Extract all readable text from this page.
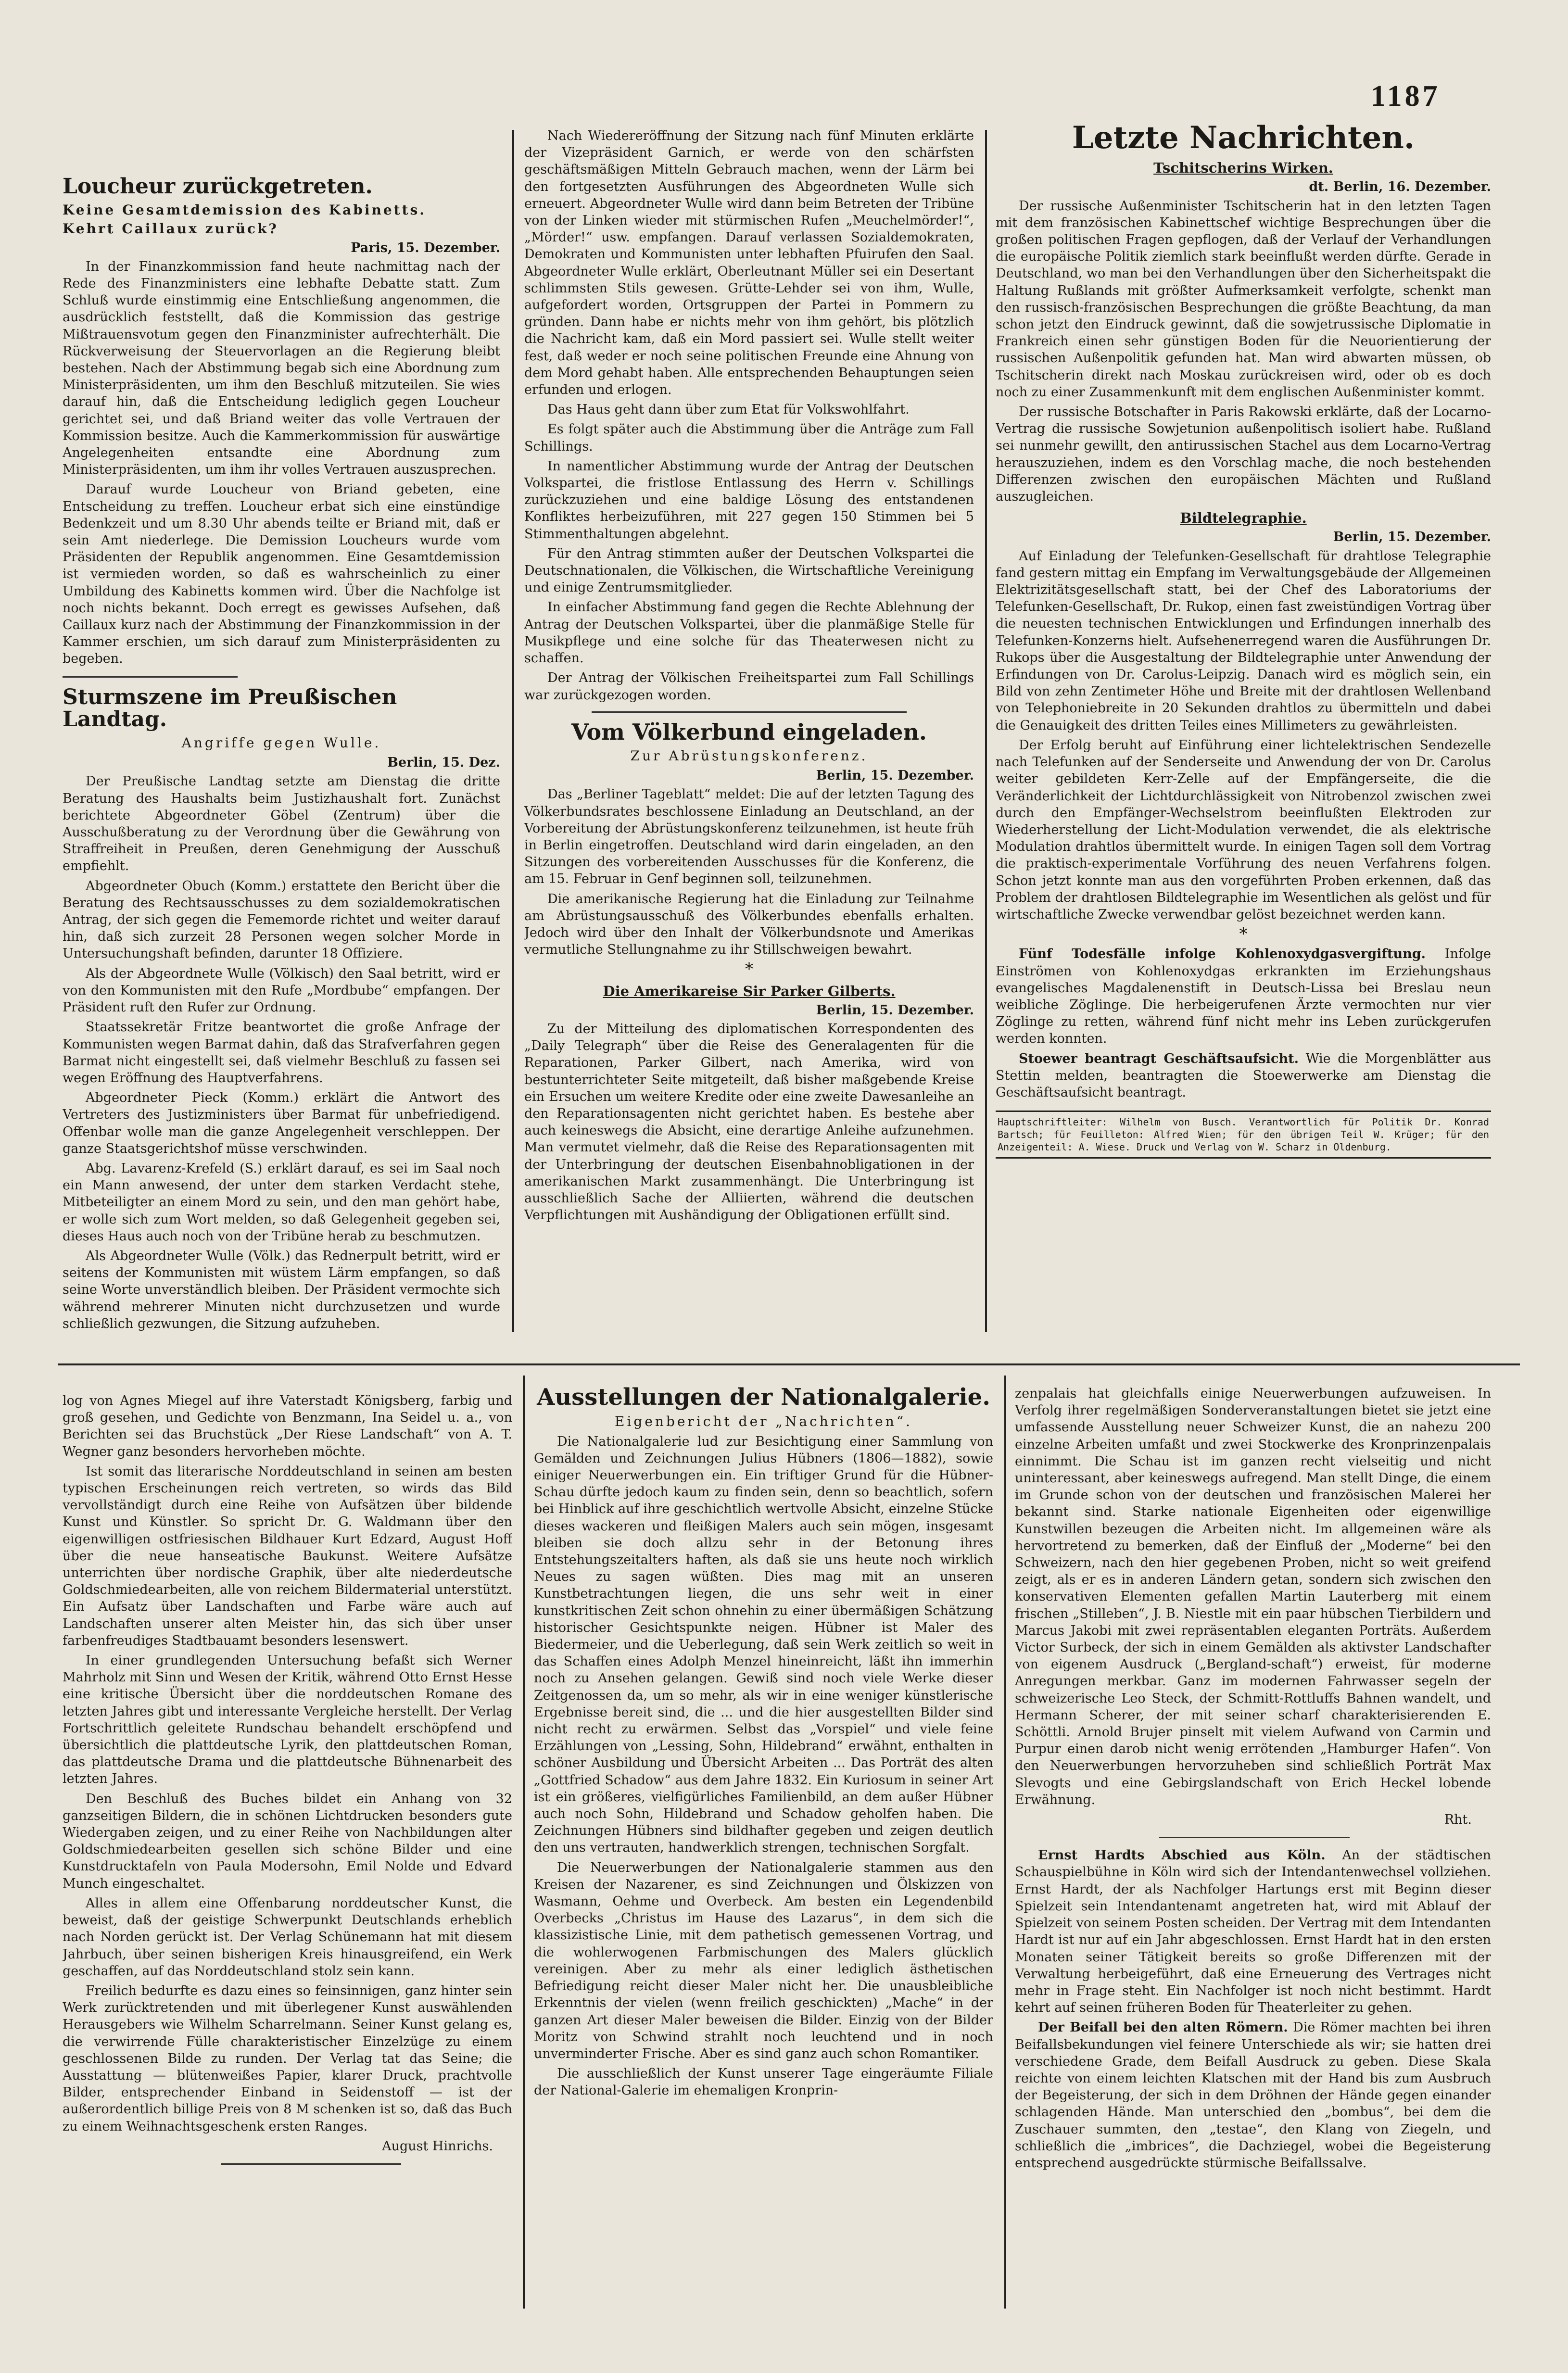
1187
Loucheur zurückgetreten.
Keine Gesamtdemission des Kabinetts.
Kehrt Caillaux zurück?
Paris, 15. Dezember.

In der Finanzkommission fand heute nachmittag nach der Rede des Finanzministers eine lebhafte Debatte statt. Zum Schluß wurde einstimmig eine Entschließung angenommen, die ausdrücklich feststellt, daß die Kommission das gestrige Mißtrauensvotum gegen den Finanzminister aufrechterhält. Die Rückverweisung der Steuervorlagen an die Regierung bleibt bestehen. Nach der Abstimmung begab sich eine Abordnung zum Ministerpräsidenten, um ihm den Beschluß mitzuteilen. Sie wies darauf hin, daß die Entscheidung lediglich gegen Loucheur gerichtet sei, und daß Briand weiter das volle Vertrauen der Kommission besitze. Auch die Kammerkommission für auswärtige Angelegenheiten entsandte eine Abordnung zum Ministerpräsidenten, um ihm ihr volles Vertrauen auszusprechen.

Darauf wurde Loucheur von Briand gebeten, eine Entscheidung zu treffen. Loucheur erbat sich eine einstündige Bedenkzeit und um 8.30 Uhr abends teilte er Briand mit, daß er sein Amt niederlege. Die Demission Loucheurs wurde vom Präsidenten der Republik angenommen. Eine Gesamtdemission ist vermieden worden, so daß es wahrscheinlich zu einer Umbildung des Kabinetts kommen wird. Über die Nachfolge ist noch nichts bekannt. Doch erregt es gewisses Aufsehen, daß Caillaux kurz nach der Abstimmung der Finanzkommission in der Kammer erschien, um sich darauf zum Ministerpräsidenten zu begeben.

Sturmszene im Preußischen Landtag.
Angriffe gegen Wulle.
Berlin, 15. Dez.

Der Preußische Landtag setzte am Dienstag die dritte Beratung des Haushalts beim Justizhaushalt fort. Zunächst berichtete Abgeordneter Göbel (Zentrum) über die Ausschußberatung zu der Verordnung über die Gewährung von Straffreiheit in Preußen, deren Genehmigung der Ausschuß empfiehlt.

Abgeordneter Obuch (Komm.) erstattete den Bericht über die Beratung des Rechtsausschusses zu dem sozialdemokratischen Antrag, der sich gegen die Fememorde richtet und weiter darauf hin, daß sich zurzeit 28 Personen wegen solcher Morde in Untersuchungshaft befinden, darunter 18 Offiziere.

Als der Abgeordnete Wulle (Völkisch) den Saal betritt, wird er von den Kommunisten mit den Rufe „Mordbube“ empfangen. Der Präsident ruft den Rufer zur Ordnung.

Staatssekretär Fritze beantwortet die große Anfrage der Kommunisten wegen Barmat dahin, daß das Strafverfahren gegen Barmat nicht eingestellt sei, daß vielmehr Beschluß zu fassen sei wegen Eröffnung des Hauptverfahrens.

Abgeordneter Pieck (Komm.) erklärt die Antwort des Vertreters des Justizministers über Barmat für unbefriedigend. Offenbar wolle man die ganze Angelegenheit verschleppen. Der ganze Staatsgerichtshof müsse verschwinden.

Abg. Lavarenz-Krefeld (S.) erklärt darauf, es sei im Saal noch ein Mann anwesend, der unter dem starken Verdacht stehe, Mitbeteiligter an einem Mord zu sein, und den man gehört habe, er wolle sich zum Wort melden, so daß Gelegenheit gegeben sei, dieses Haus auch noch von der Tribüne herab zu beschmutzen.

Als Abgeordneter Wulle (Völk.) das Rednerpult betritt, wird er seitens der Kommunisten mit wüstem Lärm empfangen, so daß seine Worte unverständlich bleiben. Der Präsident vermochte sich während mehrerer Minuten nicht durchzusetzen und wurde schließlich gezwungen, die Sitzung aufzuheben.

Nach Wiedereröffnung der Sitzung nach fünf Minuten erklärte der Vizepräsident Garnich, er werde von den schärfsten geschäftsmäßigen Mitteln Gebrauch machen, wenn der Lärm bei den fortgesetzten Ausführungen des Abgeordneten Wulle sich erneuert. Abgeordneter Wulle wird dann beim Betreten der Tribüne von der Linken wieder mit stürmischen Rufen „Meuchelmörder!“, „Mörder!“ usw. empfangen. Darauf verlassen Sozialdemokraten, Demokraten und Kommunisten unter lebhaften Pfuirufen den Saal. Abgeordneter Wulle erklärt, Oberleutnant Müller sei ein Desertant schlimmsten Stils gewesen. Grütte-Lehder sei von ihm, Wulle, aufgefordert worden, Ortsgruppen der Partei in Pommern zu gründen. Dann habe er nichts mehr von ihm gehört, bis plötzlich die Nachricht kam, daß ein Mord passiert sei. Wulle stellt weiter fest, daß weder er noch seine politischen Freunde eine Ahnung von dem Mord gehabt haben. Alle entsprechenden Behauptungen seien erfunden und erlogen.

Das Haus geht dann über zum Etat für Volkswohlfahrt.

Es folgt später auch die Abstimmung über die Anträge zum Fall Schillings.

In namentlicher Abstimmung wurde der Antrag der Deutschen Volkspartei, die fristlose Entlassung des Herrn v. Schillings zurückzuziehen und eine baldige Lösung des entstandenen Konfliktes herbeizuführen, mit 227 gegen 150 Stimmen bei 5 Stimmenthaltungen abgelehnt.

Für den Antrag stimmten außer der Deutschen Volkspartei die Deutschnationalen, die Völkischen, die Wirtschaftliche Vereinigung und einige Zentrumsmitglieder.

In einfacher Abstimmung fand gegen die Rechte Ablehnung der Antrag der Deutschen Volkspartei, über die planmäßige Stelle für Musikpflege und eine solche für das Theaterwesen nicht zu schaffen.

Der Antrag der Völkischen Freiheitspartei zum Fall Schillings war zurückgezogen worden.

Vom Völkerbund eingeladen.
Zur Abrüstungskonferenz.
Berlin, 15. Dezember.

Das „Berliner Tageblatt“ meldet: Die auf der letzten Tagung des Völkerbundsrates beschlossene Einladung an Deutschland, an der Vorbereitung der Abrüstungskonferenz teilzunehmen, ist heute früh in Berlin eingetroffen. Deutschland wird darin eingeladen, an den Sitzungen des vorbereitenden Ausschusses für die Konferenz, die am 15. Februar in Genf beginnen soll, teilzunehmen.

Die amerikanische Regierung hat die Einladung zur Teilnahme am Abrüstungsausschuß des Völkerbundes ebenfalls erhalten. Jedoch wird über den Inhalt der Völkerbundsnote und Amerikas vermutliche Stellungnahme zu ihr Stillschweigen bewahrt.

*
Die Amerikareise Sir Parker Gilberts.
Berlin, 15. Dezember.

Zu der Mitteilung des diplomatischen Korrespondenten des „Daily Telegraph“ über die Reise des Generalagenten für die Reparationen, Parker Gilbert, nach Amerika, wird von bestunterrichteter Seite mitgeteilt, daß bisher maßgebende Kreise ein Ersuchen um weitere Kredite oder eine zweite Dawesanleihe an den Reparationsagenten nicht gerichtet haben. Es bestehe aber auch keineswegs die Absicht, eine derartige Anleihe aufzunehmen. Man vermutet vielmehr, daß die Reise des Reparationsagenten mit der Unterbringung der deutschen Eisenbahnobligationen in der amerikanischen Markt zusammenhängt. Die Unterbringung ist ausschließlich Sache der Alliierten, während die deutschen Verpflichtungen mit Aushändigung der Obligationen erfüllt sind.

Letzte Nachrichten.
Tschitscherins Wirken.
dt. Berlin, 16. Dezember.

Der russische Außenminister Tschitscherin hat in den letzten Tagen mit dem französischen Kabinettschef wichtige Besprechungen über die großen politischen Fragen gepflogen, daß der Verlauf der Verhandlungen die europäische Politik ziemlich stark beeinflußt werden dürfte. Gerade in Deutschland, wo man bei den Verhandlungen über den Sicherheitspakt die Haltung Rußlands mit größter Aufmerksamkeit verfolgte, schenkt man den russisch-französischen Besprechungen die größte Beachtung, da man schon jetzt den Eindruck gewinnt, daß die sowjetrussische Diplomatie in Frankreich einen sehr günstigen Boden für die Neuorientierung der russischen Außenpolitik gefunden hat. Man wird abwarten müssen, ob Tschitscherin direkt nach Moskau zurückreisen wird, oder ob es doch noch zu einer Zusammenkunft mit dem englischen Außenminister kommt.

Der russische Botschafter in Paris Rakowski erklärte, daß der Locarno-Vertrag die russische Sowjetunion außenpolitisch isoliert habe. Rußland sei nunmehr gewillt, den antirussischen Stachel aus dem Locarno-Vertrag herauszuziehen, indem es den Vorschlag mache, die noch bestehenden Differenzen zwischen den europäischen Mächten und Rußland auszugleichen.

Bildtelegraphie.
Berlin, 15. Dezember.

Auf Einladung der Telefunken-Gesellschaft für drahtlose Telegraphie fand gestern mittag ein Empfang im Verwaltungsgebäude der Allgemeinen Elektrizitätsgesellschaft statt, bei der Chef des Laboratoriums der Telefunken-Gesellschaft, Dr. Rukop, einen fast zweistündigen Vortrag über die neuesten technischen Entwicklungen und Erfindungen innerhalb des Telefunken-Konzerns hielt. Aufsehenerregend waren die Ausführungen Dr. Rukops über die Ausgestaltung der Bildtelegraphie unter Anwendung der Erfindungen von Dr. Carolus-Leipzig. Danach wird es möglich sein, ein Bild von zehn Zentimeter Höhe und Breite mit der drahtlosen Wellenband von Telephoniebreite in 20 Sekunden drahtlos zu übermitteln und dabei die Genauigkeit des dritten Teiles eines Millimeters zu gewährleisten.

Der Erfolg beruht auf Einführung einer lichtelektrischen Sendezelle nach Telefunken auf der Senderseite und Anwendung der von Dr. Carolus weiter gebildeten Kerr-Zelle auf der Empfängerseite, die die Veränderlichkeit der Lichtdurchlässigkeit von Nitrobenzol zwischen zwei durch den Empfänger-Wechselstrom beeinflußten Elektroden zur Wiederherstellung der Licht-Modulation verwendet, die als elektrische Modulation drahtlos übermittelt wurde. In einigen Tagen soll dem Vortrag die praktisch-experimentale Vorführung des neuen Verfahrens folgen. Schon jetzt konnte man aus den vorgeführten Proben erkennen, daß das Problem der drahtlosen Bildtelegraphie im Wesentlichen als gelöst und für wirtschaftliche Zwecke verwendbar gelöst bezeichnet werden kann.

*

Fünf Todesfälle infolge Kohlenoxydgasvergiftung. Infolge Einströmen von Kohlenoxydgas erkrankten im Erziehungshaus evangelisches Magdalenenstift in Deutsch-Lissa bei Breslau neun weibliche Zöglinge. Die herbeigerufenen Ärzte vermochten nur vier Zöglinge zu retten, während fünf nicht mehr ins Leben zurückgerufen werden konnten.

Stoewer beantragt Geschäftsaufsicht. Wie die Morgenblätter aus Stettin melden, beantragten die Stoewerwerke am Dienstag die Geschäftsaufsicht beantragt.

Hauptschriftleiter: Wilhelm von Busch. Verantwortlich für Politik Dr. Konrad Bartsch; für Feuilleton: Alfred Wien; für den übrigen Teil W. Krüger; für den Anzeigenteil: A. Wiese. Druck und Verlag von W. Scharz in Oldenburg.

log von Agnes Miegel auf ihre Vaterstadt Königsberg, farbig und groß gesehen, und Gedichte von Benzmann, Ina Seidel u. a., von Berichten sei das Bruchstück „Der Riese Landschaft“ von A. T. Wegner ganz besonders hervorheben möchte.

Ist somit das literarische Norddeutschland in seinen am besten typischen Erscheinungen reich vertreten, so wirds das Bild vervollständigt durch eine Reihe von Aufsätzen über bildende Kunst und Künstler. So spricht Dr. G. Waldmann über den eigenwilligen ostfriesischen Bildhauer Kurt Edzard, August Hoff über die neue hanseatische Baukunst. Weitere Aufsätze unterrichten über nordische Graphik, über alte niederdeutsche Goldschmiedearbeiten, alle von reichem Bildermaterial unterstützt. Ein Aufsatz über Landschaften und Farbe wäre auch auf Landschaften unserer alten Meister hin, das sich über unser farbenfreudiges Stadtbauamt besonders lesenswert.

In einer grundlegenden Untersuchung befaßt sich Werner Mahrholz mit Sinn und Wesen der Kritik, während Otto Ernst Hesse eine kritische Übersicht über die norddeutschen Romane des letzten Jahres gibt und interessante Vergleiche herstellt. Der Verlag Fortschrittlich geleitete Rundschau behandelt erschöpfend und übersichtlich die plattdeutsche Lyrik, den plattdeutschen Roman, das plattdeutsche Drama und die plattdeutsche Bühnenarbeit des letzten Jahres.

Den Beschluß des Buches bildet ein Anhang von 32 ganzseitigen Bildern, die in schönen Lichtdrucken besonders gute Wiedergaben zeigen, und zu einer Reihe von Nachbildungen alter Goldschmiedearbeiten gesellen sich schöne Bilder und eine Kunstdrucktafeln von Paula Modersohn, Emil Nolde und Edvard Munch eingeschaltet.

Alles in allem eine Offenbarung norddeutscher Kunst, die beweist, daß der geistige Schwerpunkt Deutschlands erheblich nach Norden gerückt ist. Der Verlag Schünemann hat mit diesem Jahrbuch, über seinen bisherigen Kreis hinausgreifend, ein Werk geschaffen, auf das Norddeutschland stolz sein kann.

Freilich bedurfte es dazu eines so feinsinnigen, ganz hinter sein Werk zurücktretenden und mit überlegener Kunst auswählenden Herausgebers wie Wilhelm Scharrelmann. Seiner Kunst gelang es, die verwirrende Fülle charakteristischer Einzelzüge zu einem geschlossenen Bilde zu runden. Der Verlag tat das Seine; die Ausstattung — blütenweißes Papier, klarer Druck, prachtvolle Bilder, entsprechender Einband in Seidenstoff — ist der außerordentlich billige Preis von 8 M schenken ist so, daß das Buch zu einem Weihnachtsgeschenk ersten Ranges.

August Hinrichs.
Ausstellungen der Nationalgalerie.
Eigenbericht der „Nachrichten“.

Die Nationalgalerie lud zur Besichtigung einer Sammlung von Gemälden und Zeichnungen Julius Hübners (1806—1882), sowie einiger Neuerwerbungen ein. Ein triftiger Grund für die Hübner-Schau dürfte jedoch kaum zu finden sein, denn so beachtlich, sofern bei Hinblick auf ihre geschichtlich wertvolle Absicht, einzelne Stücke dieses wackeren und fleißigen Malers auch sein mögen, insgesamt bleiben sie doch allzu sehr in der Betonung ihres Entstehungszeitalters haften, als daß sie uns heute noch wirklich Neues zu sagen wüßten. Dies mag mit an unseren Kunstbetrachtungen liegen, die uns sehr weit in einer kunstkritischen Zeit schon ohnehin zu einer übermäßigen Schätzung historischer Gesichtspunkte neigen. Hübner ist Maler des Biedermeier, und die Ueberlegung, daß sein Werk zeitlich so weit in das Schaffen eines Adolph Menzel hineinreicht, läßt ihn immerhin noch zu Ansehen gelangen. Gewiß sind noch viele Werke dieser Zeitgenossen da, um so mehr, als wir in eine weniger künstlerische Ergebnisse bereit sind, die ... und die hier ausgestellten Bilder sind nicht recht zu erwärmen. Selbst das „Vorspiel“ und viele feine Erzählungen von „Lessing, Sohn, Hildebrand“ erwähnt, enthalten in schöner Ausbildung und Übersicht Arbeiten ... Das Porträt des alten „Gottfried Schadow“ aus dem Jahre 1832. Ein Kuriosum in seiner Art ist ein größeres, vielfigürliches Familienbild, an dem außer Hübner auch noch Sohn, Hildebrand und Schadow geholfen haben. Die Zeichnungen Hübners sind bildhafter gegeben und zeigen deutlich den uns vertrauten, handwerklich strengen, technischen Sorgfalt.

Die Neuerwerbungen der Nationalgalerie stammen aus den Kreisen der Nazarener, es sind Zeichnungen und Ölskizzen von Wasmann, Oehme und Overbeck. Am besten ein Legendenbild Overbecks „Christus im Hause des Lazarus“, in dem sich die klassizistische Linie, mit dem pathetisch gemessenen Vortrag, und die wohlerwogenen Farbmischungen des Malers glücklich vereinigen. Aber zu mehr als einer lediglich ästhetischen Befriedigung reicht dieser Maler nicht her. Die unausbleibliche Erkenntnis der vielen (wenn freilich geschickten) „Mache“ in der ganzen Art dieser Maler beweisen die Bilder. Einzig von der Bilder Moritz von Schwind strahlt noch leuchtend und in noch unverminderter Frische. Aber es sind ganz auch schon Romantiker.

Die ausschließlich der Kunst unserer Tage eingeräumte Filiale der National-Galerie im ehemaligen Kronprin-

zenpalais hat gleichfalls einige Neuerwerbungen aufzuweisen. In Verfolg ihrer regelmäßigen Sonderveranstaltungen bietet sie jetzt eine umfassende Ausstellung neuer Schweizer Kunst, die an nahezu 200 einzelne Arbeiten umfaßt und zwei Stockwerke des Kronprinzenpalais einnimmt. Die Schau ist im ganzen recht vielseitig und nicht uninteressant, aber keineswegs aufregend. Man stellt Dinge, die einem im Grunde schon von der deutschen und französischen Malerei her bekannt sind. Starke nationale Eigenheiten oder eigenwillige Kunstwillen bezeugen die Arbeiten nicht. Im allgemeinen wäre als hervortretend zu bemerken, daß der Einfluß der „Moderne“ bei den Schweizern, nach den hier gegebenen Proben, nicht so weit greifend zeigt, als er es in anderen Ländern getan, sondern sich zwischen den konservativen Elementen gefallen Martin Lauterberg mit einem frischen „Stilleben“, J. B. Niestle mit ein paar hübschen Tierbildern und Marcus Jakobi mit zwei repräsentablen eleganten Porträts. Außerdem Victor Surbeck, der sich in einem Gemälden als aktivster Landschafter von eigenem Ausdruck („Bergland-schaft“) erweist, für moderne Anregungen merkbar. Ganz im modernen Fahrwasser segeln der schweizerische Leo Steck, der Schmitt-Rottluffs Bahnen wandelt, und Hermann Scherer, der mit seiner scharf charakterisierenden E. Schöttli. Arnold Brujer pinselt mit vielem Aufwand von Carmin und Purpur einen darob nicht wenig errötenden „Hamburger Hafen“. Von den Neuerwerbungen hervorzuheben sind schließlich Porträt Max Slevogts und eine Gebirgslandschaft von Erich Heckel lobende Erwähnung.

Rht.

Ernst Hardts Abschied aus Köln. An der städtischen Schauspielbühne in Köln wird sich der Intendantenwechsel vollziehen. Ernst Hardt, der als Nachfolger Hartungs erst mit Beginn dieser Spielzeit sein Intendantenamt angetreten hat, wird mit Ablauf der Spielzeit von seinem Posten scheiden. Der Vertrag mit dem Intendanten Hardt ist nur auf ein Jahr abgeschlossen. Ernst Hardt hat in den ersten Monaten seiner Tätigkeit bereits so große Differenzen mit der Verwaltung herbeigeführt, daß eine Erneuerung des Vertrages nicht mehr in Frage steht. Ein Nachfolger ist noch nicht bestimmt. Hardt kehrt auf seinen früheren Boden für Theaterleiter zu gehen.

Der Beifall bei den alten Römern. Die Römer machten bei ihren Beifallsbekundungen viel feinere Unterschiede als wir; sie hatten drei verschiedene Grade, dem Beifall Ausdruck zu geben. Diese Skala reichte von einem leichten Klatschen mit der Hand bis zum Ausbruch der Begeisterung, der sich in dem Dröhnen der Hände gegen einander schlagenden Hände. Man unterschied den „bombus“, bei dem die Zuschauer summten, den „testae“, den Klang von Ziegeln, und schließlich die „imbrices“, die Dachziegel, wobei die Begeisterung entsprechend ausgedrückte stürmische Beifallssalve.
